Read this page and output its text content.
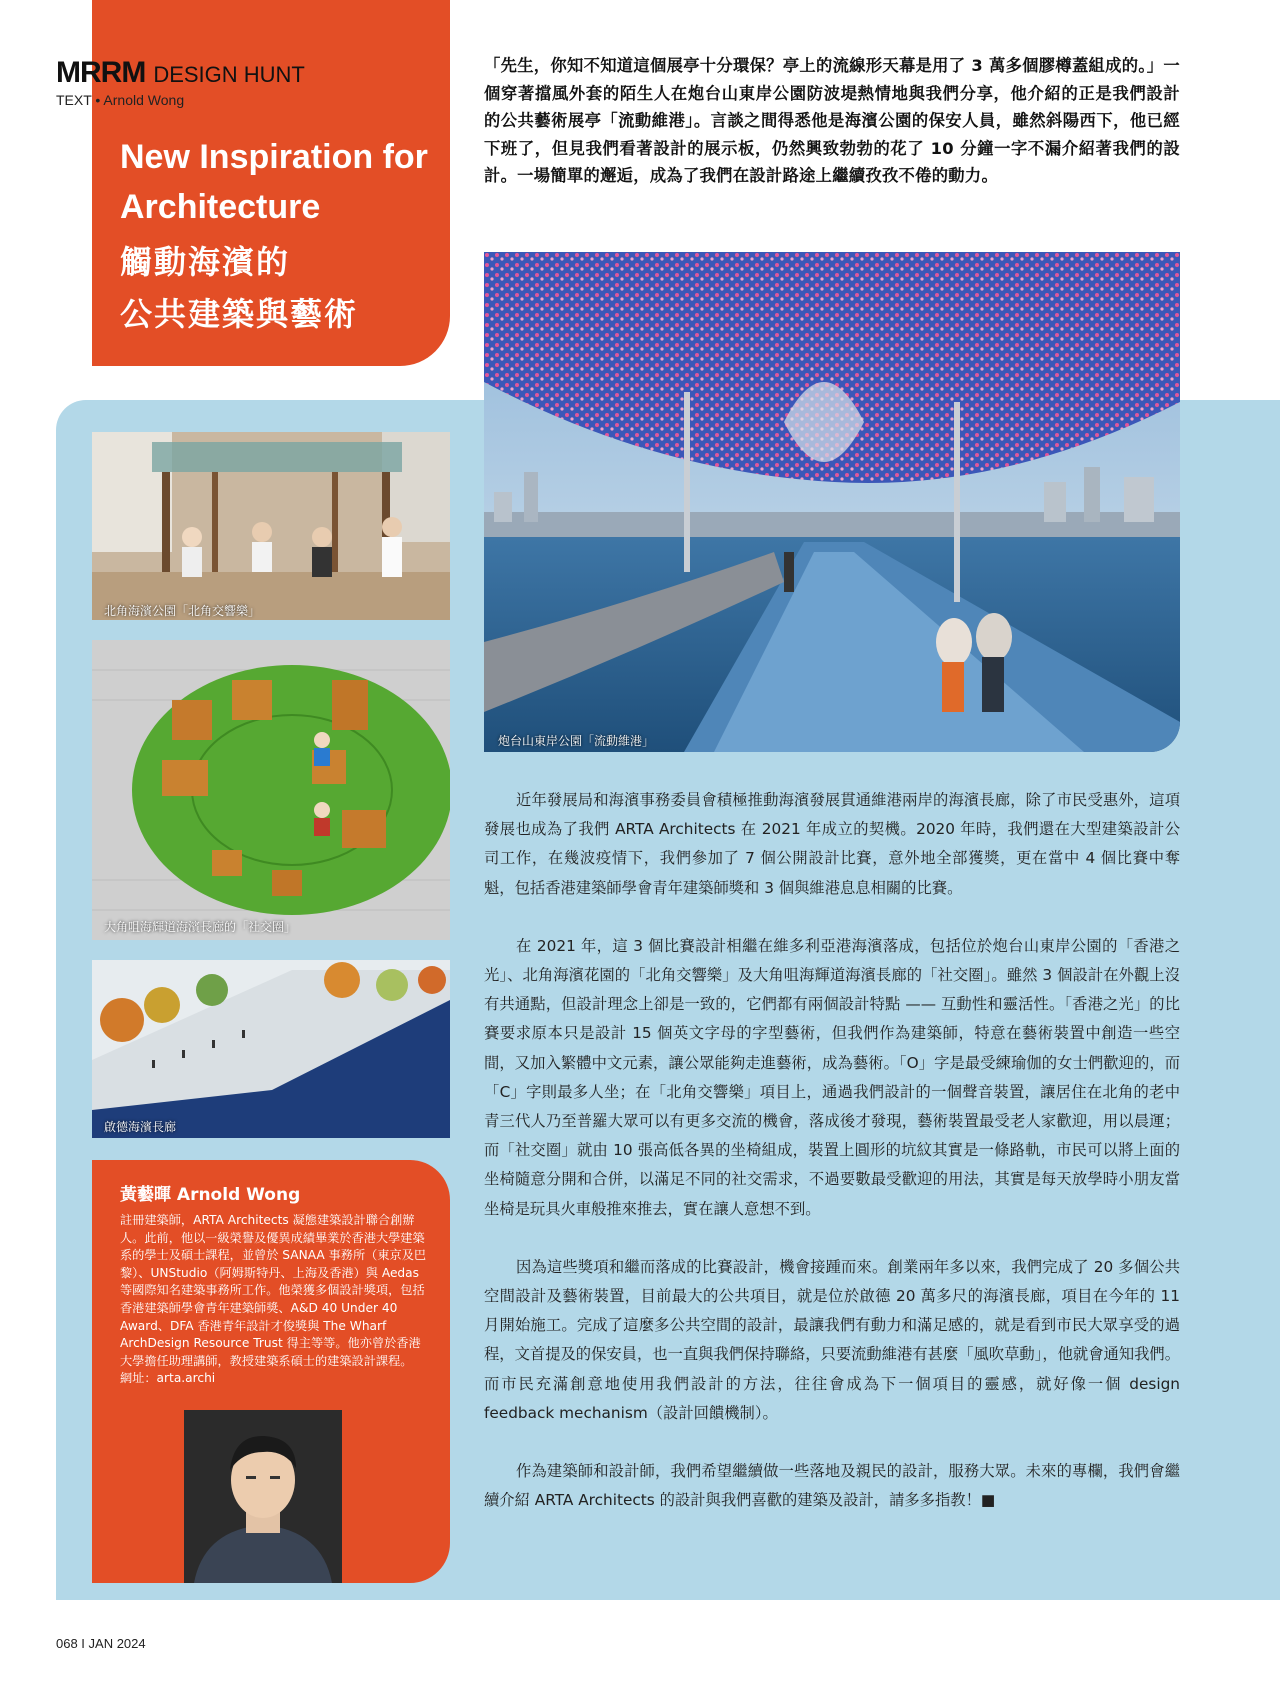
MRRM DESIGN HUNT
TEXT • Arnold Wong
New Inspiration for Architecture
觸動海濱的
公共建築與藝術

「先生，你知不知道這個展亭十分環保？亭上的流線形天幕是用了 3 萬多個膠樽蓋組成的。」一個穿著擋風外套的陌生人在炮台山東岸公園防波堤熱情地與我們分享，他介紹的正是我們設計的公共藝術展亭「流動維港」。言談之間得悉他是海濱公園的保安人員，雖然斜陽西下，他已經下班了，但見我們看著設計的展示板，仍然興致勃勃的花了 10 分鐘一字不漏介紹著我們的設計。一場簡單的邂逅，成為了我們在設計路途上繼續孜孜不倦的動力。

炮台山東岸公園「流動維港」
北角海濱公園「北角交響樂」
大角咀海輝道海濱長廊的「社交圈」
啟德海濱長廊

近年發展局和海濱事務委員會積極推動海濱發展貫通維港兩岸的海濱長廊，除了市民受惠外，這項發展也成為了我們 ARTA Architects 在 2021 年成立的契機。2020 年時，我們還在大型建築設計公司工作，在幾波疫情下，我們參加了 7 個公開設計比賽，意外地全部獲獎，更在當中 4 個比賽中奪魁，包括香港建築師學會青年建築師獎和 3 個與維港息息相關的比賽。

在 2021 年，這 3 個比賽設計相繼在維多利亞港海濱落成，包括位於炮台山東岸公園的「香港之光」、北角海濱花園的「北角交響樂」及大角咀海輝道海濱長廊的「社交圈」。雖然 3 個設計在外觀上沒有共通點，但設計理念上卻是一致的，它們都有兩個設計特點 —— 互動性和靈活性。「香港之光」的比賽要求原本只是設計 15 個英文字母的字型藝術，但我們作為建築師，特意在藝術裝置中創造一些空間，又加入繁體中文元素，讓公眾能夠走進藝術，成為藝術。「O」字是最受練瑜伽的女士們歡迎的，而「C」字則最多人坐；在「北角交響樂」項目上，通過我們設計的一個聲音裝置，讓居住在北角的老中青三代人乃至普羅大眾可以有更多交流的機會，落成後才發現，藝術裝置最受老人家歡迎，用以晨運；而「社交圈」就由 10 張高低各異的坐椅組成，裝置上圓形的坑紋其實是一條路軌，市民可以將上面的坐椅隨意分開和合併，以滿足不同的社交需求，不過要數最受歡迎的用法，其實是每天放學時小朋友當坐椅是玩具火車般推來推去，實在讓人意想不到。

因為這些獎項和繼而落成的比賽設計，機會接踵而來。創業兩年多以來，我們完成了 20 多個公共空間設計及藝術裝置，目前最大的公共項目，就是位於啟德 20 萬多尺的海濱長廊，項目在今年的 11 月開始施工。完成了這麼多公共空間的設計，最讓我們有動力和滿足感的，就是看到市民大眾享受的過程，文首提及的保安員，也一直與我們保持聯絡，只要流動維港有甚麼「風吹草動」，他就會通知我們。而市民充滿創意地使用我們設計的方法，往往會成為下一個項目的靈感，就好像一個 design feedback mechanism（設計回饋機制）。

作為建築師和設計師，我們希望繼續做一些落地及親民的設計，服務大眾。未來的專欄，我們會繼續介紹 ARTA Architects 的設計與我們喜歡的建築及設計，請多多指教！■

黃藝暉 Arnold Wong

註冊建築師，ARTA Architects 凝態建築設計聯合創辦人。此前，他以一級榮譽及優異成績畢業於香港大學建築系的學士及碩士課程，並曾於 SANAA 事務所（東京及巴黎）、UNStudio（阿姆斯特丹、上海及香港）與 Aedas 等國際知名建築事務所工作。他榮獲多個設計獎項，包括香港建築師學會青年建築師獎、A&D 40 Under 40 Award、DFA 香港青年設計才俊獎與 The Wharf ArchDesign Resource Trust 得主等等。他亦曾於香港大學擔任助理講師，教授建築系碩士的建築設計課程。
網址：arta.archi

068 I JAN 2024
